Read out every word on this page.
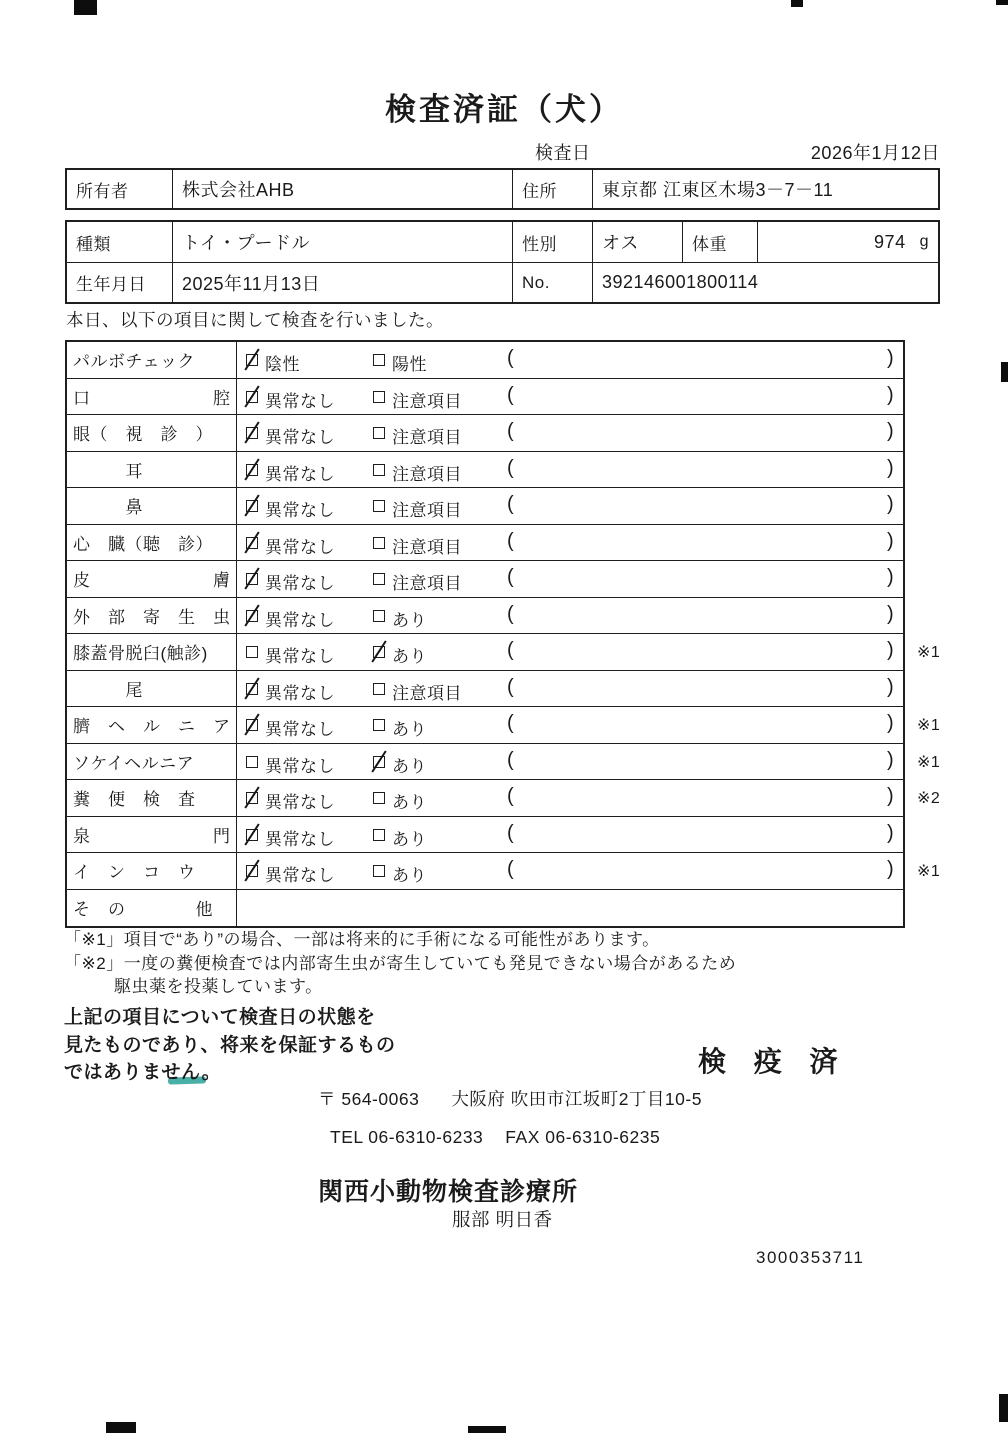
検査済証（犬）
検査日	2026年1月12日
所有者	株式会社AHB	住所	東京都 江東区木場3－7－11
種類	トイ・プードル	性別	オス	体重	974 g
生年月日	2025年11月13日	No.	392146001800114
本日、以下の項目に関して検査を行いました。
パルボチェック	陰性	陽性	(	)
口　　　　　　　腔	異常なし	注意項目 (	)
眼（　視　診　）	異常なし	注意項目 (	)
　　　耳	異常なし	注意項目 (	)
　　　鼻	異常なし	注意項目 (	)
心　臓（聴　診）	異常なし	注意項目 (	)
皮　　　　　　　膚	異常なし	注意項目 (	)
外　部　寄　生　虫	異常なし	あり	(	)
膝蓋骨脱臼(触診)	異常なし	あり	(	) ※1
　　　尾	異常なし	注意項目 (	)
臍　ヘ　ル　ニ　ア	異常なし	あり	(	) ※1
ソケイヘルニア	異常なし	あり	(	) ※1
糞　便　検　査	異常なし	あり	(	) ※2
泉　　　　　　　門	異常なし	あり	(	)
イ　ン　コ　ウ	異常なし	あり	(	) ※1
そ　の　　　　他
「※1」項目で“あり”の場合、一部は将来的に手術になる可能性があります。
「※2」一度の糞便検査では内部寄生虫が寄生していても発見できない場合があるため
駆虫薬を投薬しています。
上記の項目について検査日の状態を
見たものであり、将来を保証するもの
ではありません。	検 疫 済
〒 564-0063 大阪府 吹田市江坂町2丁目10-5
TEL 06-6310-6233 FAX 06-6310-6235
関西小動物検査診療所
服部 明日香
3000353711
